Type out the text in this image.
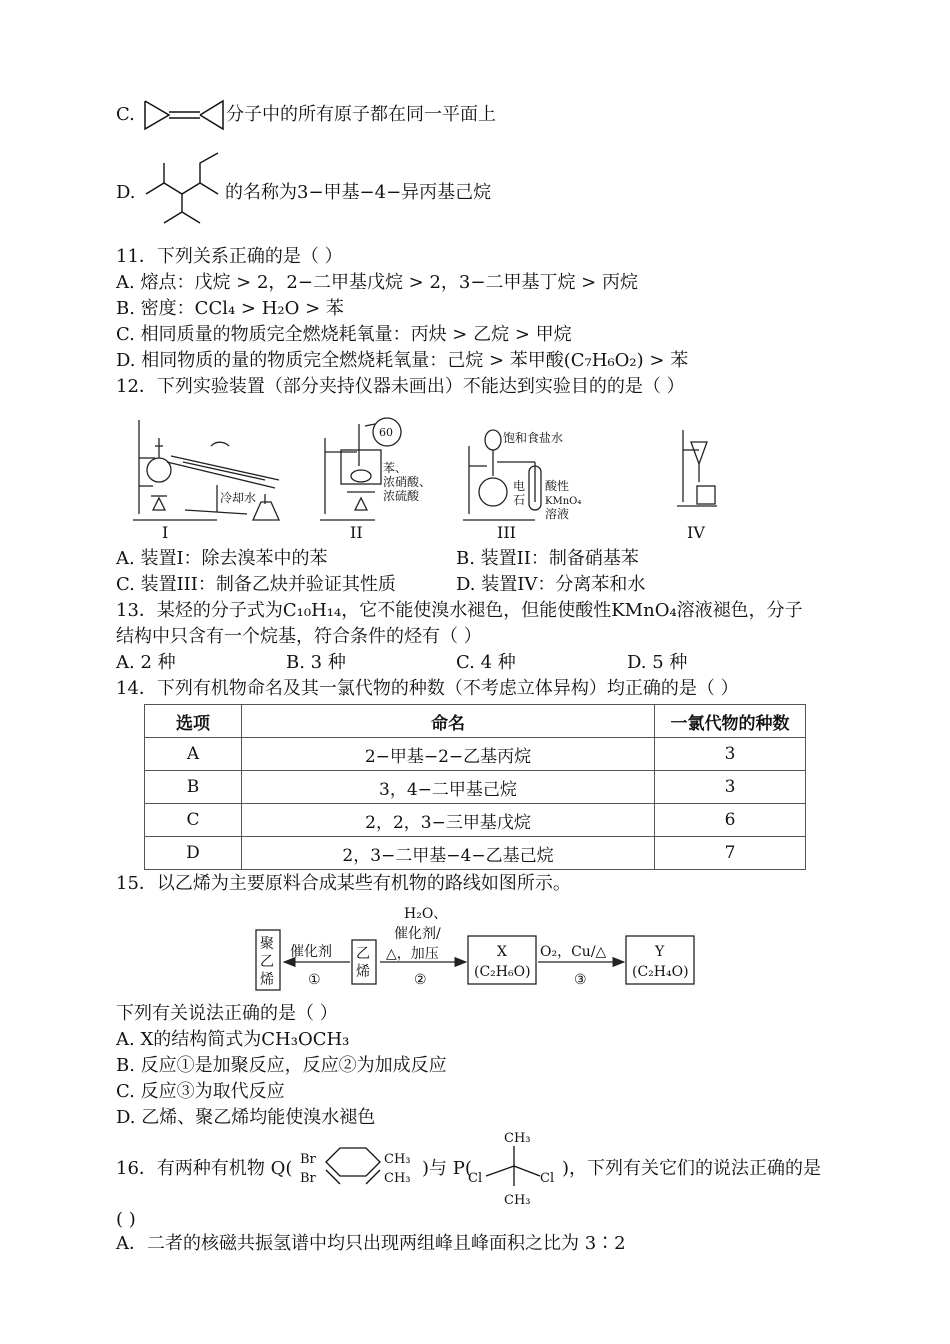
C.	分子中的所有原子都在同一平面上
D.	的名称为3−甲基−4−异丙基己烷
11．下列关系正确的是（ ）
A. 熔点：戊烷 > 2，2−二甲基戊烷 > 2，3−二甲基丁烷 > 丙烷
B. 密度：CCl₄ > H₂O > 苯
C. 相同质量的物质完全燃烧耗氧量：丙炔 > 乙烷 > 甲烷
D. 相同物质的量的物质完全燃烧耗氧量：己烷 > 苯甲酸(C₇H₆O₂) > 苯
12．下列实验装置（部分夹持仪器未画出）不能达到实验目的的是（ ）
冷却水
I
60
苯、
浓硝酸、
浓硫酸
II
饱和食盐水
电
石
酸性
KMnO₄
溶液
III	IV
A. 装置I：除去溴苯中的苯	B. 装置II：制备硝基苯
C. 装置III：制备乙炔并验证其性质	D. 装置IV：分离苯和水
13．某烃的分子式为C₁₀H₁₄，它不能使溴水褪色，但能使酸性KMnO₄溶液褪色，分子
结构中只含有一个烷基，符合条件的烃有（ ）
A. 2 种	B. 3 种	C. 4 种	D. 5 种
14．下列有机物命名及其一氯代物的种数（不考虑立体异构）均正确的是（ ）
选项	命名	一氯代物的种数
A	2−甲基−2−乙基丙烷	3
B	3，4−二甲基己烷	3
C	2，2，3−三甲基戊烷	6
D	2，3−二甲基−4−乙基己烷	7
15．以乙烯为主要原料合成某些有机物的路线如图所示。
聚
乙
烯
催化剂
①
乙
烯
H₂O、
催化剂/
△，加压
②
X
(C₂H₆O)
O₂，Cu/△
③
Y
(C₂H₄O)
下列有关说法正确的是（ ）
A. X的结构简式为CH₃OCH₃
B. 反应①是加聚反应，反应②为加成反应
C. 反应③为取代反应
D. 乙烯、聚乙烯均能使溴水褪色
16．有两种有机物 Q( Br
Br
CH₃
CH₃ )与 P(
CH₃
Cl	Cl
CH₃
)，下列有关它们的说法正确的是
( )
A．二者的核磁共振氢谱中均只出现两组峰且峰面积之比为 3∶2
